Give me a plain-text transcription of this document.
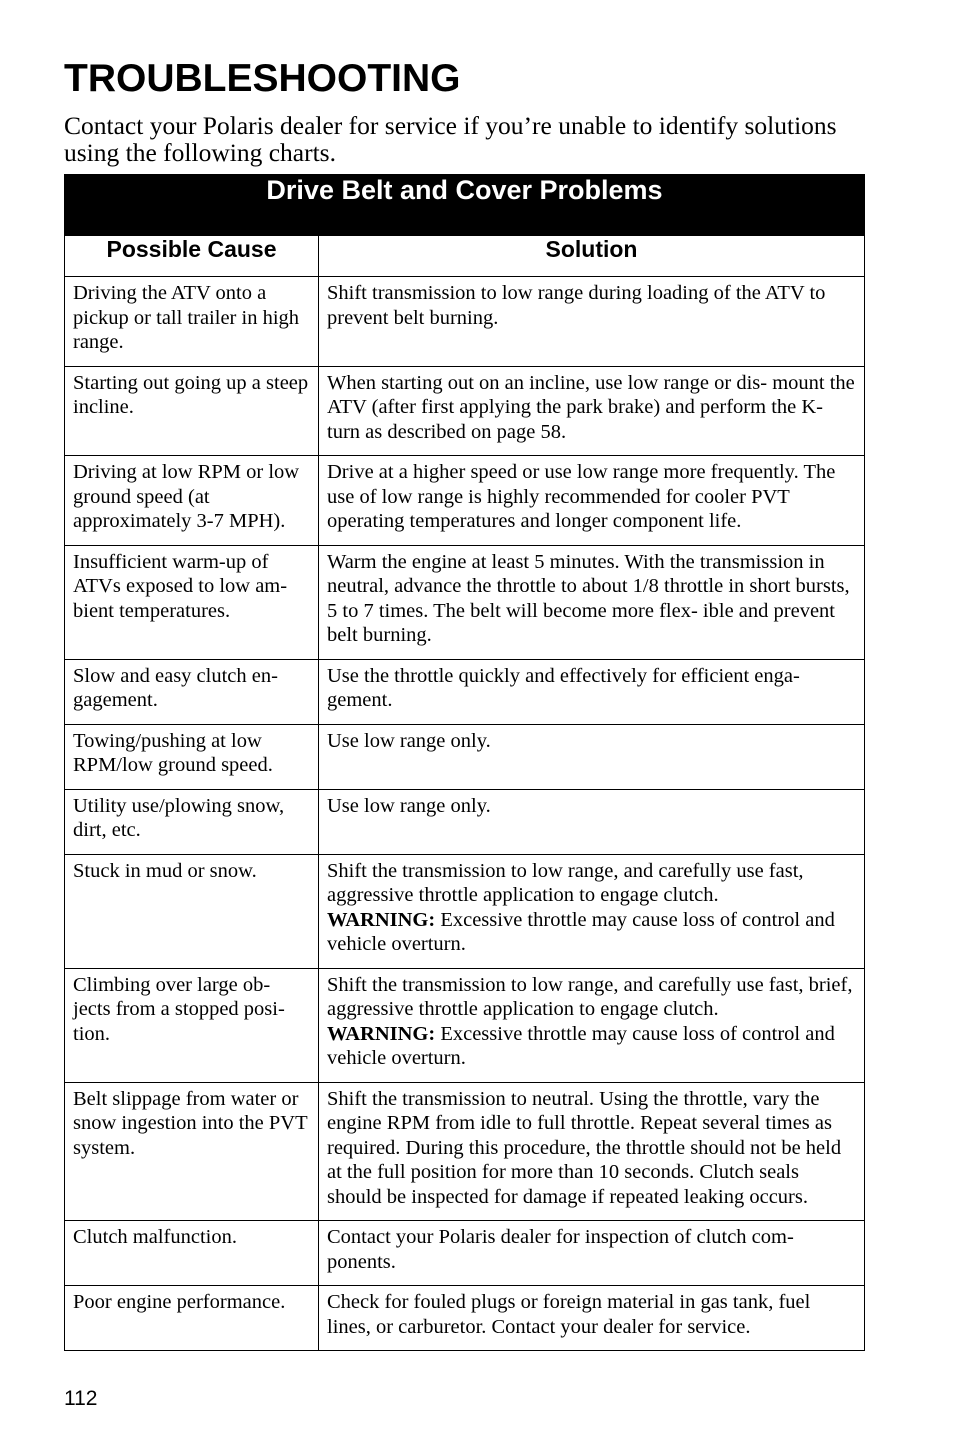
TROUBLESHOOTING

Contact your Polaris dealer for service if you’re unable to identify solutions using the following charts.

Drive Belt and Cover Problems	
Possible Cause	Solution
Driving the ATV onto a pickup or tall trailer in high range.	Shift transmission to low range during loading of the ATV to prevent belt burning.
Starting out going up a steep incline.	When starting out on an incline, use low range or dis- mount the ATV (after first applying the park brake) and perform the K-turn as described on page 58.
Driving at low RPM or low ground speed (at approximately 3-7 MPH).	Drive at a higher speed or use low range more frequently. The use of low range is highly recommended for cooler PVT operating temperatures and longer component life.
Insufficient warm-up of ATVs exposed to low am- bient temperatures.	Warm the engine at least 5 minutes. With the transmission in neutral, advance the throttle to about 1/8 throttle in short bursts, 5 to 7 times. The belt will become more flex- ible and prevent belt burning.
Slow and easy clutch en- gagement.	Use the throttle quickly and effectively for efficient enga- gement.
Towing/pushing at low RPM/low ground speed.	Use low range only.
Utility use/plowing snow, dirt, etc.	Use low range only.
Stuck in mud or snow.	Shift the transmission to low range, and carefully use fast, aggressive throttle application to engage clutch.
WARNING: Excessive throttle may cause loss of control and vehicle overturn.
Climbing over large ob- jects from a stopped posi- tion.	Shift the transmission to low range, and carefully use fast, brief, aggressive throttle application to engage clutch.
WARNING: Excessive throttle may cause loss of control and vehicle overturn.
Belt slippage from water or snow ingestion into the PVT system.	Shift the transmission to neutral. Using the throttle, vary the engine RPM from idle to full throttle. Repeat several times as required. During this procedure, the throttle should not be held at the full position for more than 10 seconds. Clutch seals should be inspected for damage if repeated leaking occurs.
Clutch malfunction.	Contact your Polaris dealer for inspection of clutch com- ponents.
Poor engine performance.	Check for fouled plugs or foreign material in gas tank, fuel lines, or carburetor. Contact your dealer for service.
112
